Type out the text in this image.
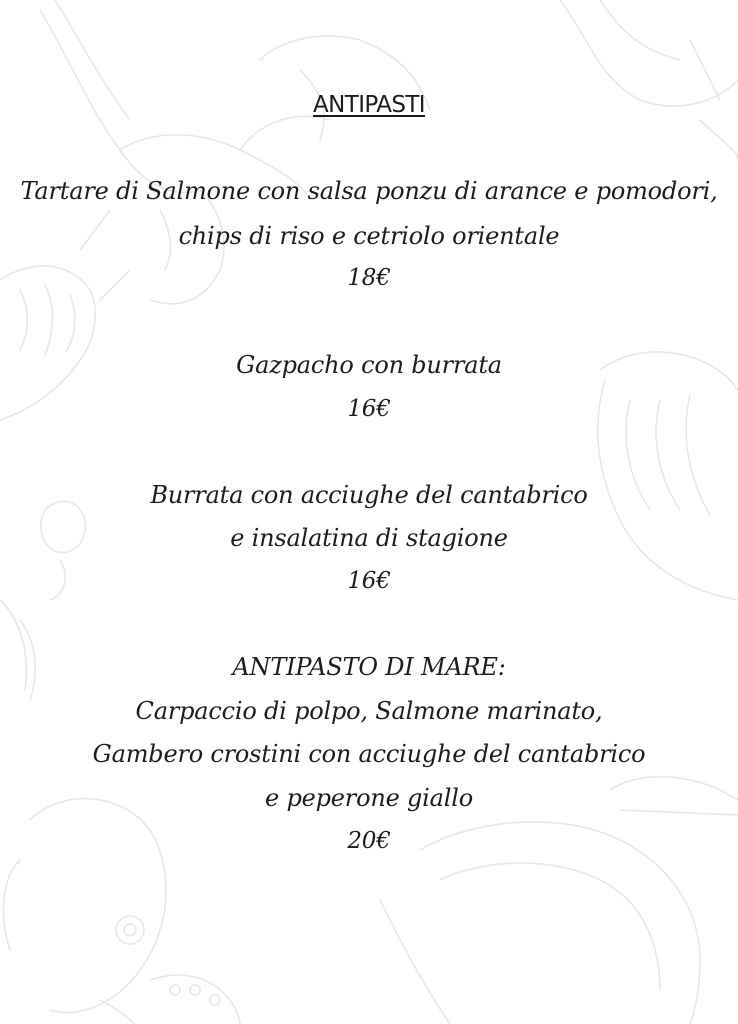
ANTIPASTI
Tartare di Salmone con salsa ponzu di arance e pomodori,
chips di riso e cetriolo orientale
18€
Gazpacho con burrata
16€
Burrata con acciughe del cantabrico
e insalatina di stagione
16€
ANTIPASTO DI MARE:
Carpaccio di polpo, Salmone marinato,
Gambero crostini con acciughe del cantabrico
e peperone giallo
20€
